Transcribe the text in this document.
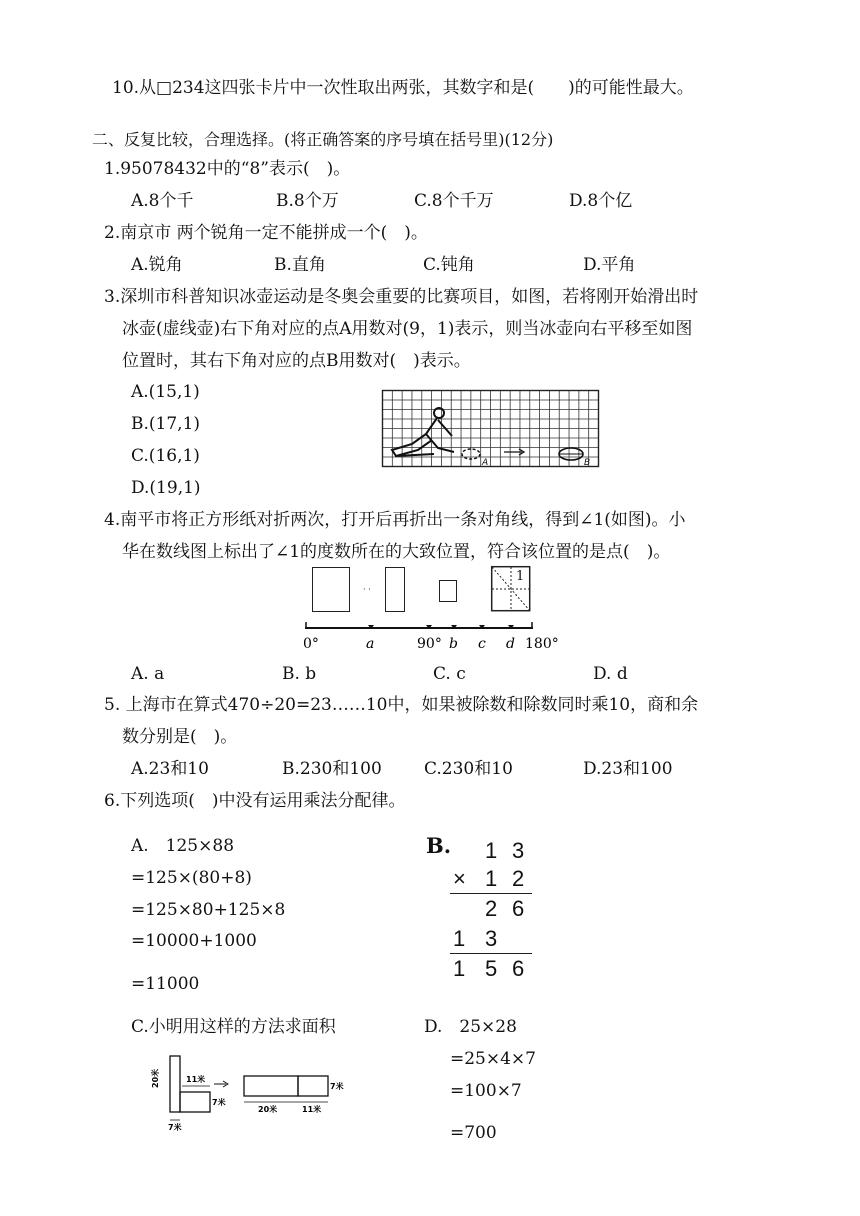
10.从□234这四张卡片中一次性取出两张，其数字和是(　　)的可能性最大。
二、反复比较，合理选择。(将正确答案的序号填在括号里)(12分)
1.95078432中的“8”表示(　)。
A.8个千	B.8个万	C.8个千万	D.8个亿
2.南京市 两个锐角一定不能拼成一个(　)。
A.锐角	B.直角	C.钝角	D.平角
3.深圳市科普知识冰壶运动是冬奥会重要的比赛项目，如图，若将刚开始滑出时
冰壶(虚线壶)右下角对应的点A用数对(9，1)表示，则当冰壶向右平移至如图
位置时，其右下角对应的点B用数对(　)表示。
A.(15,1)
B.(17,1)
C.(16,1)
D.(19,1)
A	B
4.南平市将正方形纸对折两次，打开后再折出一条对角线，得到∠1(如图)。小
华在数线图上标出了∠1的度数所在的大致位置，符合该位置的是点(　)。
· ·
1
0°	a	90° b c d 180°
A. a	B. b	C. c	D. d
5. 上海市在算式470÷20=23……10中，如果被除数和除数同时乘10，商和余
数分别是(　)。
A.23和10	B.230和100 C.230和10	D.23和100
6.下列选项(　)中没有运用乘法分配律。
A.　125×88
=125×(80+8)
=125×80+125×8
=10000+1000
=11000
B. 1 3
× 1 2
2 6
1 3
1 5 6
C.小明用这样的方法求面积
20米	11米
7米
7米
20米	11米
7米
D.　25×28
=25×4×7
=100×7
=700
